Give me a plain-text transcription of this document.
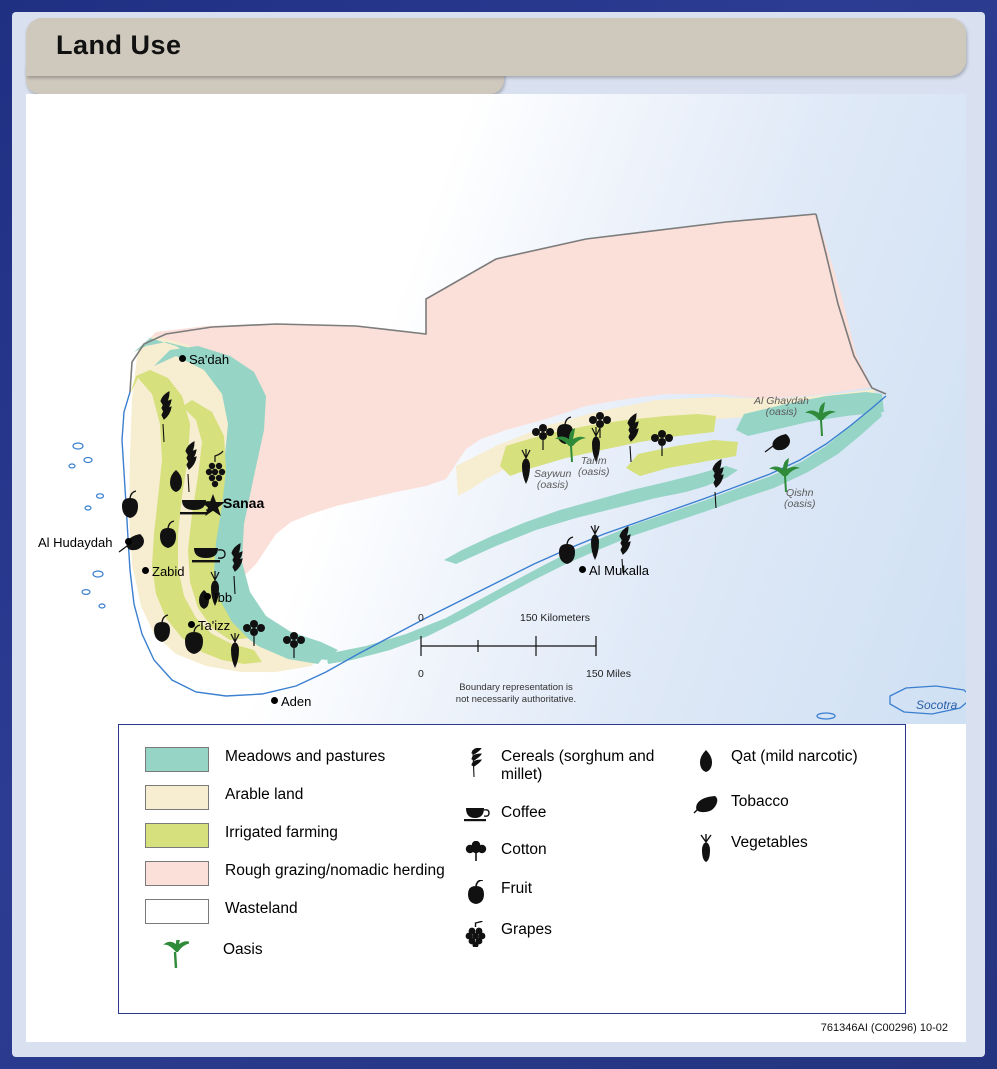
Land Use
Sa'dah
Sanaa
Al Hudaydah
Zabid
Ibb
Ta'izz
Aden
Al Mukalla
Al Ghaydah
(oasis)
Tarim
(oasis)
Saywun
(oasis)
Qishn
(oasis)
Socotra
0	150 Kilometers
0	150 Miles
Boundary representation is
not necessarily authoritative.
Meadows and pastures
Arable land
Irrigated farming
Rough grazing/nomadic herding
Wasteland
Oasis
Cereals (sorghum and millet)
Coffee
Cotton
Fruit
Grapes
Qat (mild narcotic)
Tobacco
Vegetables
761346AI (C00296) 10-02
